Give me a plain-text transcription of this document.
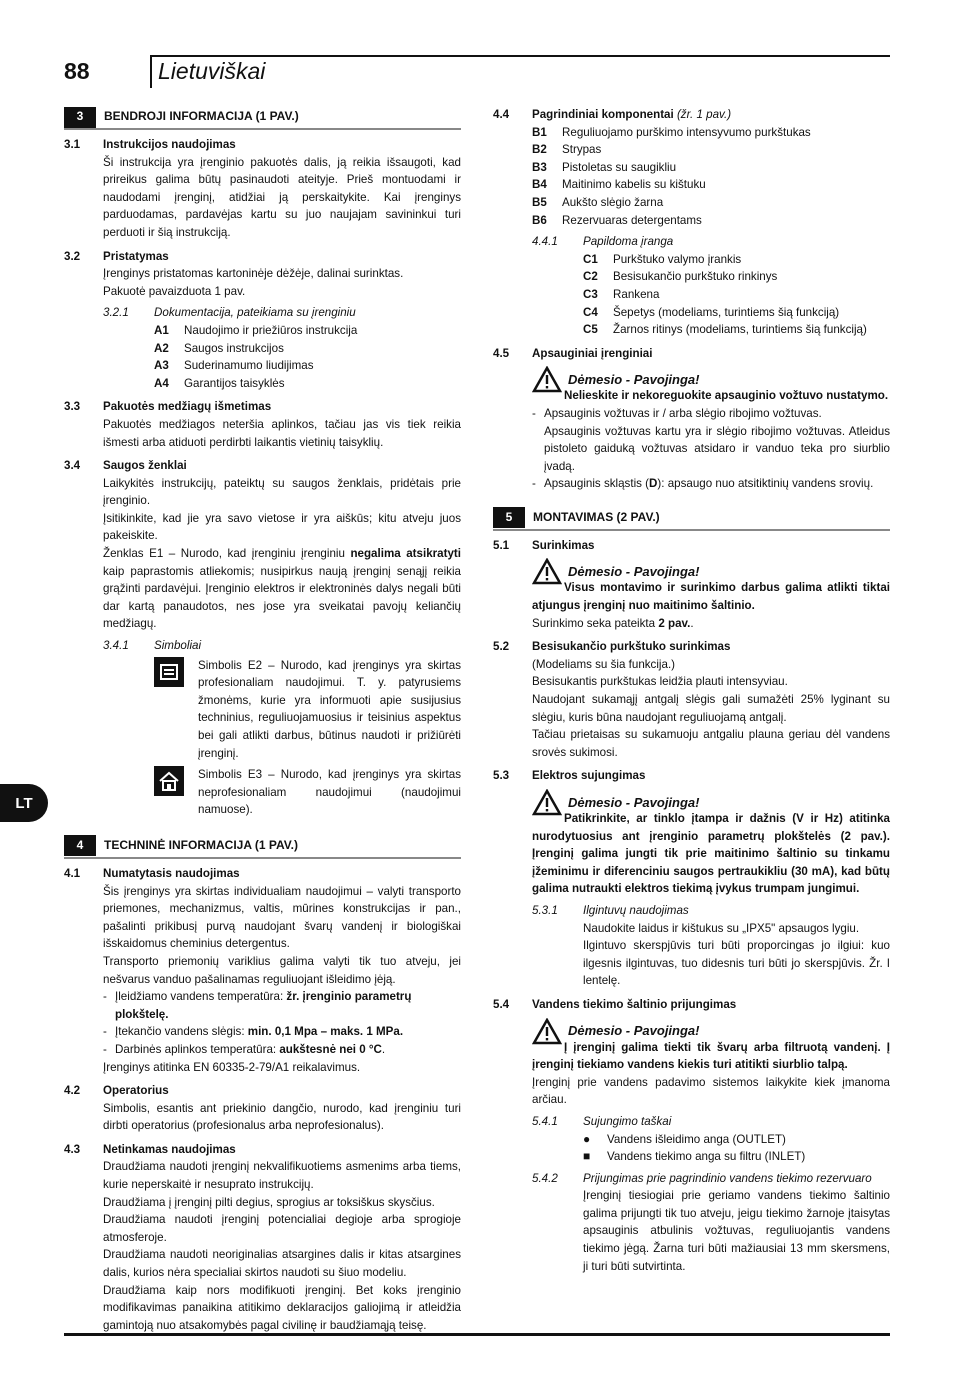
88	Lietuviškai
LT
3	BENDROJI INFORMACIJA (1 PAV.)
3.1	Instrukcijos naudojimas
Ši instrukcija yra įrenginio pakuotės dalis, ją reikia išsaugoti, kad prireikus galima būtų pasinaudoti ateityje. Prieš montuodami ir naudodami įrenginį, atidžiai ją perskaitykite. Kai įrenginys parduodamas, pardavėjas kartu su juo naujajam savininkui turi perduoti ir šią instrukciją.
3.2	Pristatymas
Įrenginys pristatomas kartoninėje dėžėje, dalinai surinktas.
Pakuotė pavaizduota 1 pav.
3.2.1	Dokumentacija, pateikiama su įrenginiu
A1	Naudojimo ir priežiūros instrukcija
A2	Saugos instrukcijos
A3	Suderinamumo liudijimas
A4	Garantijos taisyklės
3.3	Pakuotės medžiagų išmetimas
Pakuotės medžiagos neteršia aplinkos, tačiau jas vis tiek reikia išmesti arba atiduoti perdirbti laikantis vietinių taisyklių.
3.4	Saugos ženklai
Laikykitės instrukcijų, pateiktų su saugos ženklais, pridėtais prie įrenginio.
Įsitikinkite, kad jie yra savo vietose ir yra aiškūs; kitu atveju juos pakeiskite.
Ženklas E1 – Nurodo, kad įrenginiu įrenginiu negalima atsikratyti kaip paprastomis atliekomis; nusipirkus naują įrenginį senąjį reikia grąžinti pardavėjui. Įrenginio elektros ir elektroninės dalys negali būti dar kartą panaudotos, nes jose yra sveikatai pavojų keliančių medžiagų.
3.4.1	Simboliai
Simbolis E2 – Nurodo, kad įrenginys yra skirtas profesionaliam naudojimui. T. y. patyrusiems žmonėms, kurie yra informuoti apie susijusius techninius, reguliuojamuosius ir teisinius aspektus bei gali atlikti darbus, būtinus naudoti ir prižiūrėti įrenginį.
Simbolis E3 – Nurodo, kad įrenginys yra skirtas neprofesionaliam naudojimui (naudojimui namuose).
4	TECHNINĖ INFORMACIJA (1 PAV.)
4.1	Numatytasis naudojimas
Šis įrenginys yra skirtas individualiam naudojimui – valyti transporto priemones, mechanizmus, valtis, mūrines konstrukcijas ir pan., pašalinti prikibusį purvą naudojant švarų vandenį ir biologiškai išskaidomus cheminius detergentus.
Transporto priemonių variklius galima valyti tik tuo atveju, jei nešvarus vanduo pašalinamas reguliuojant išleidimo įėją.
- Įleidžiamo vandens temperatūra: žr. įrenginio parametrų plokštelę.
- Įtekančio vandens slėgis: min. 0,1 Mpa – maks. 1 MPa.
- Darbinės aplinkos temperatūra: aukštesnė nei 0 °C.
Įrenginys atitinka EN 60335-2-79/A1 reikalavimus.
4.2	Operatorius
Simbolis, esantis ant priekinio dangčio, nurodo, kad įrenginiu turi dirbti operatorius (profesionalus arba neprofesionalus).
4.3	Netinkamas naudojimas
Draudžiama naudoti įrenginį nekvalifikuotiems asmenims arba tiems, kurie neperskaitė ir nesuprato instrukcijų.
Draudžiama į įrenginį pilti degius, sprogius ar toksiškus skysčius.
Draudžiama naudoti įrenginį potencialiai degioje arba sprogioje atmosferoje.
Draudžiama naudoti neoriginalias atsargines dalis ir kitas atsargines dalis, kurios nėra specialiai skirtos naudoti su šiuo modeliu.
Draudžiama kaip nors modifikuoti įrenginį. Bet koks įrenginio modifikavimas panaikina atitikimo deklaracijos galiojimą ir atleidžia gamintoją nuo atsakomybės pagal civilinę ir baudžiamąją teisę.
4.4	Pagrindiniai komponentai (žr. 1 pav.)
B1	Reguliuojamo purškimo intensyvumo purkštukas
B2	Strypas
B3	Pistoletas su saugikliu
B4	Maitinimo kabelis su kištuku
B5	Aukšto slėgio žarna
B6	Rezervuaras detergentams
4.4.1	Papildoma įranga
C1	Purkštuko valymo įrankis
C2	Besisukančio purkštuko rinkinys
C3	Rankena
C4	Šepetys (modeliams, turintiems šią funkciją)
C5	Žarnos ritinys (modeliams, turintiems šią funkciją)
4.5	Apsauginiai įrenginiai
Dėmesio - Pavojinga!
Nelieskite ir nekoreguokite apsauginio vožtuvo nustatymo.
- Apsauginis vožtuvas ir / arba slėgio ribojimo vožtuvas.
Apsauginis vožtuvas kartu yra ir slėgio ribojimo vožtuvas. Atleidus pistoleto gaiduką vožtuvas atsidaro ir vanduo teka pro siurblio įvadą.
- Apsauginis skląstis (D): apsaugo nuo atsitiktinių vandens srovių.
5	MONTAVIMAS (2 PAV.)
5.1	Surinkimas
Dėmesio - Pavojinga!
Visus montavimo ir surinkimo darbus galima atlikti tiktai atjungus įrenginį nuo maitinimo šaltinio.
Surinkimo seka pateikta 2 pav..
5.2	Besisukančio purkštuko surinkimas
(Modeliams su šia funkcija.)
Besisukantis purkštukas leidžia plauti intensyviau.
Naudojant sukamąjį antgalį slėgis gali sumažėti 25% lyginant su slėgiu, kuris būna naudojant reguliuojamą antgalį.
Tačiau prietaisas su sukamuoju antgaliu plauna geriau dėl vandens srovės sukimosi.
5.3	Elektros sujungimas
Dėmesio - Pavojinga!
Patikrinkite, ar tinklo įtampa ir dažnis (V ir Hz) atitinka nurodytuosius ant įrenginio parametrų plokštelės (2 pav.). Įrenginį galima jungti tik prie maitinimo šaltinio su tinkamu įžeminimu ir diferenciniu saugos pertraukikliu (30 mA), kad būtų galima nutraukti elektros tiekimą įvykus trumpam jungimui.
5.3.1	Ilgintuvų naudojimas
Naudokite laidus ir kištukus su „IPX5" apsaugos lygiu.
Ilgintuvo skerspjūvis turi būti proporcingas jo ilgiui: kuo ilgesnis ilgintuvas, tuo didesnis turi būti jo skerspjūvis. Žr. I lentelę.
5.4	Vandens tiekimo šaltinio prijungimas
Dėmesio - Pavojinga!
Į įrenginį galima tiekti tik švarų arba filtruotą vandenį. Į įrenginį tiekiamo vandens kiekis turi atitikti siurblio talpą.
Įrenginį prie vandens padavimo sistemos laikykite kiek įmanoma arčiau.
5.4.1	Sujungimo taškai
●	Vandens išleidimo anga (OUTLET)
■	Vandens tiekimo anga su filtru (INLET)
5.4.2	Prijungimas prie pagrindinio vandens tiekimo rezervuaro
Įrenginį tiesiogiai prie geriamo vandens tiekimo šaltinio galima prijungti tik tuo atveju, jeigu tiekimo žarnoje įtaisytas apsauginis atbulinis vožtuvas, reguliuojantis vandens tiekimo jėgą. Žarna turi būti mažiausiai 13 mm skersmens, ji turi būti sutvirtinta.
